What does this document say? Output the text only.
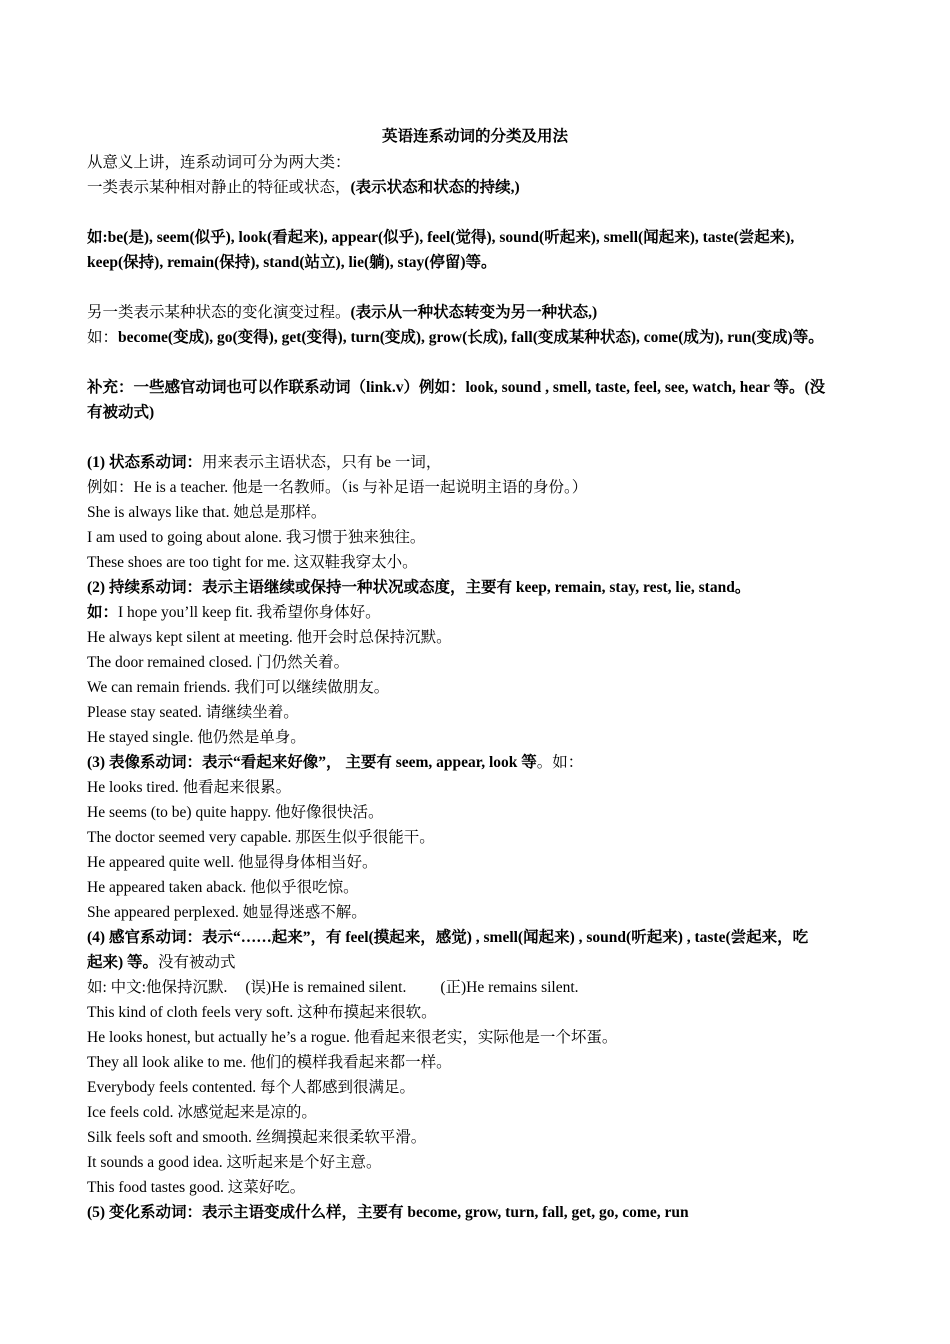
英语连系动词的分类及用法
从意义上讲，连系动词可分为两大类：
一类表示某种相对静止的特征或状态，(表示状态和状态的持续,)
如:be(是), seem(似乎), look(看起来), appear(似乎), feel(觉得), sound(听起来), smell(闻起来), taste(尝起来),
keep(保持), remain(保持), stand(站立), lie(躺), stay(停留)等。
另一类表示某种状态的变化演变过程。(表示从一种状态转变为另一种状态,)
如：become(变成), go(变得), get(变得), turn(变成), grow(长成), fall(变成某种状态), come(成为), run(变成)等。
补充：一些感官动词也可以作联系动词（link.v）例如：look, sound , smell, taste, feel, see, watch, hear 等。(没
有被动式)
(1) 状态系动词：用来表示主语状态，只有 be 一词，
例如：He is a teacher. 他是一名教师。（is 与补足语一起说明主语的身份。）
She is always like that. 她总是那样。
I am used to going about alone. 我习惯于独来独往。
These shoes are too tight for me. 这双鞋我穿太小。
(2) 持续系动词：表示主语继续或保持一种状况或态度，主要有 keep, remain, stay, rest, lie, stand。
如：I hope you’ll keep fit. 我希望你身体好。
He always kept silent at meeting. 他开会时总保持沉默。
The door remained closed. 门仍然关着。
We can remain friends. 我们可以继续做朋友。
Please stay seated. 请继续坐着。
He stayed single. 他仍然是单身。
(3) 表像系动词：表示“看起来好像”， 主要有 seem, appear, look 等。如：
He looks tired. 他看起来很累。
He seems (to be) quite happy. 他好像很快活。
The doctor seemed very capable. 那医生似乎很能干。
He appeared quite well. 他显得身体相当好。
He appeared taken aback. 他似乎很吃惊。
She appeared perplexed. 她显得迷惑不解。
(4) 感官系动词：表示“……起来”，有 feel(摸起来，感觉) , smell(闻起来) , sound(听起来) , taste(尝起来，吃
起来) 等。没有被动式
如: 中文:他保持沉默. (误)He is remained silent. (正)He remains silent.
This kind of cloth feels very soft. 这种布摸起来很软。
He looks honest, but actually he’s a rogue. 他看起来很老实，实际他是一个坏蛋。
They all look alike to me. 他们的模样我看起来都一样。
Everybody feels contented. 每个人都感到很满足。
Ice feels cold. 冰感觉起来是凉的。
Silk feels soft and smooth. 丝绸摸起来很柔软平滑。
It sounds a good idea. 这听起来是个好主意。
This food tastes good. 这菜好吃。
(5) 变化系动词：表示主语变成什么样，主要有 become, grow, turn, fall, get, go, come, run
